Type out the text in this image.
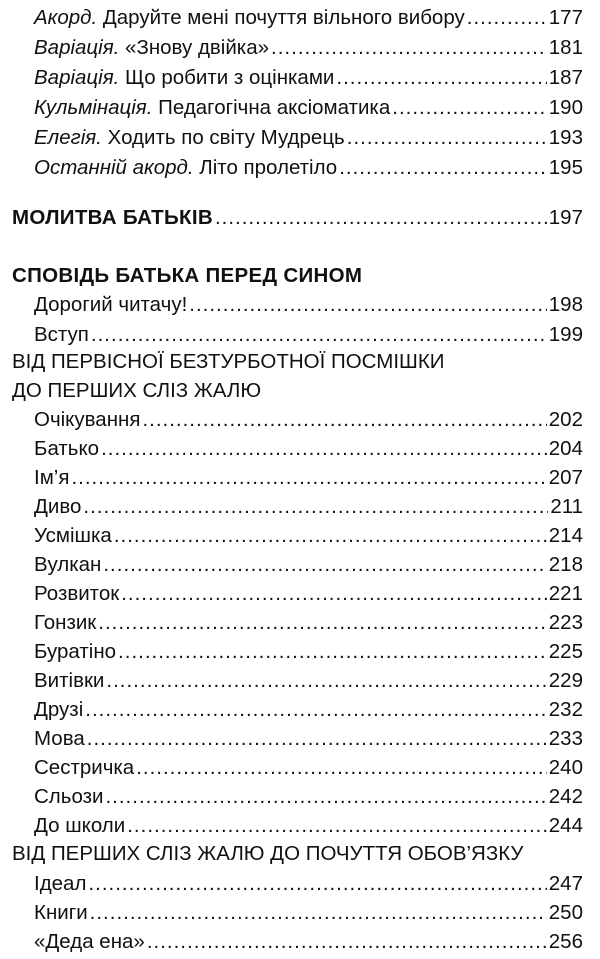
Акорд. Даруйте мені почуття вільного вибору .....	177
Варіація. «Знову двійка» .....	181
Варіація. Що робити з оцінками .....	187
Кульмінація. Педагогічна аксіоматика .....	190
Елегія. Ходить по світу Мудрець .....	193
Останній акорд. Літо пролетіло .....	195
МОЛИТВА БАТЬКІВ .....	197
СПОВІДЬ БАТЬКА ПЕРЕД СИНОМ
Дорогий читачу! .....	198
Вступ .....	199
ВІД ПЕРВІСНОЇ БЕЗТУРБОТНОЇ ПОСМІШКИ
ДО ПЕРШИХ СЛІЗ ЖАЛЮ
Очікування .....	202
Батько .....	204
Ім’я .....	207
Диво .....	211
Усмішка .....	214
Вулкан .....	218
Розвиток .....	221
Гонзик .....	223
Буратіно .....	225
Витівки .....	229
Друзі .....	232
Мова .....	233
Сестричка .....	240
Сльози .....	242
До школи .....	244
ВІД ПЕРШИХ СЛІЗ ЖАЛЮ ДО ПОЧУТТЯ ОБОВ’ЯЗКУ
Ідеал .....	247
Книги .....	250
«Деда ена» .....	256
